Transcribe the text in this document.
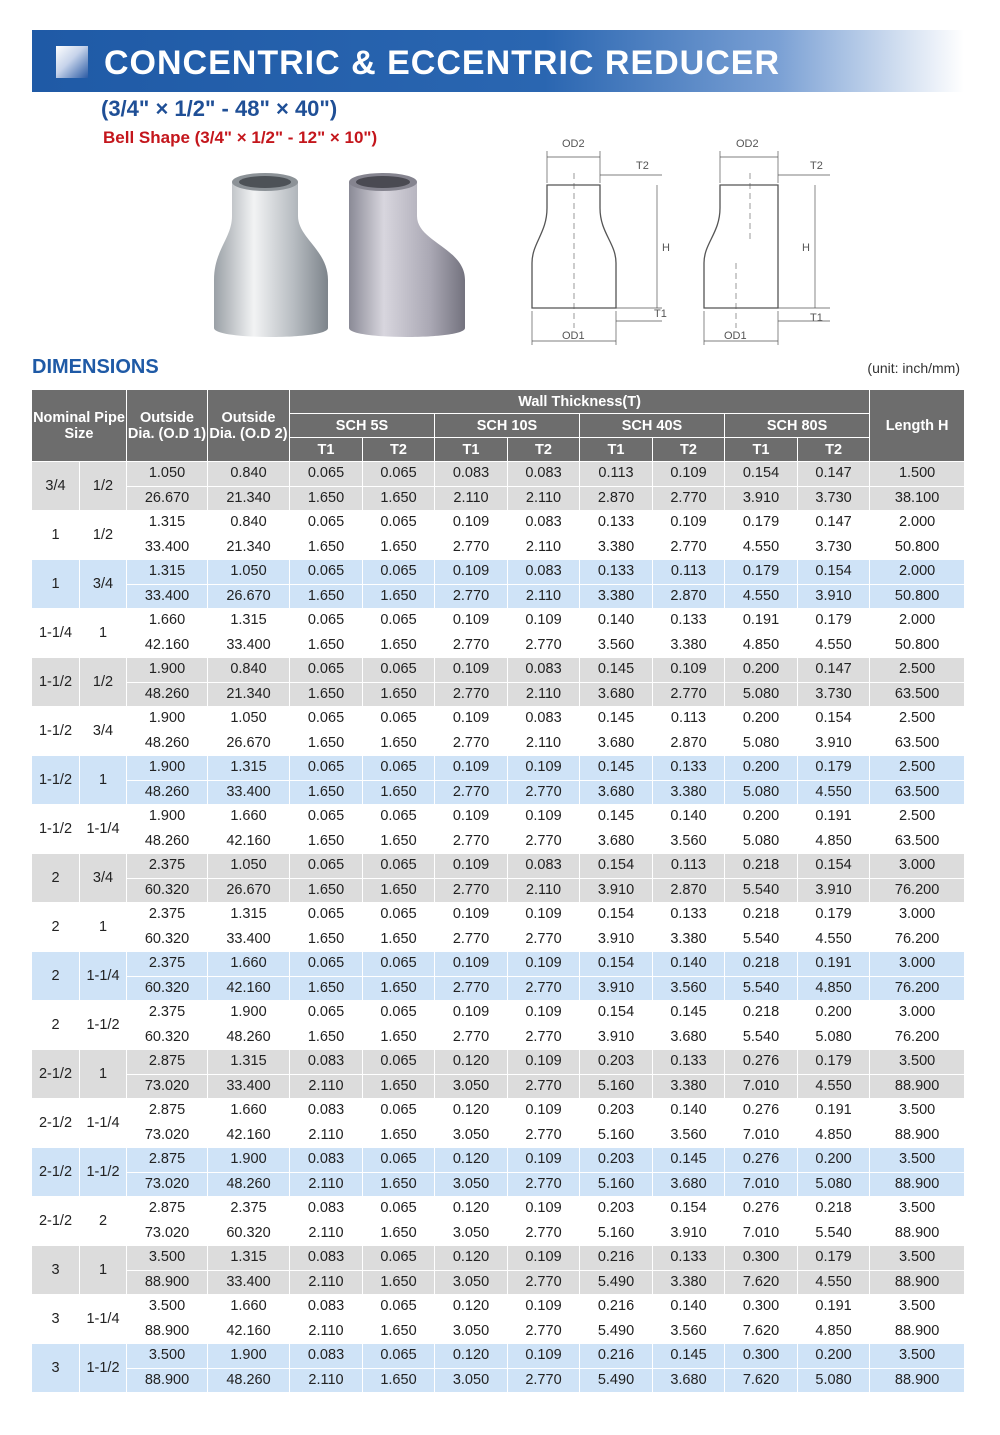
CONCENTRIC & ECCENTRIC REDUCER
(3/4" × 1/2" - 48" × 40")
Bell Shape (3/4" × 1/2" - 12" × 10")	OD2
T2
H
T1
OD1
OD2
T2
H
T1
OD1
DIMENSIONS	(unit: inch/mm)
Nominal Pipe Size		Outside Dia. (O.D 1)	Outside Dia. (O.D 2)	Wall Thickness(T)								Length H
				SCH 5S		SCH 10S		SCH 40S		SCH 80S		
				T1	T2	T1	T2	T1	T2	T1	T2	
3/4	1/2	1.050	0.840	0.065	0.065	0.083	0.083	0.113	0.109	0.154	0.147	1.500
		26.670	21.340	1.650	1.650	2.110	2.110	2.870	2.770	3.910	3.730	38.100
1	1/2	1.315	0.840	0.065	0.065	0.109	0.083	0.133	0.109	0.179	0.147	2.000
		33.400	21.340	1.650	1.650	2.770	2.110	3.380	2.770	4.550	3.730	50.800
1	3/4	1.315	1.050	0.065	0.065	0.109	0.083	0.133	0.113	0.179	0.154	2.000
		33.400	26.670	1.650	1.650	2.770	2.110	3.380	2.870	4.550	3.910	50.800
1-1/4	1	1.660	1.315	0.065	0.065	0.109	0.109	0.140	0.133	0.191	0.179	2.000
		42.160	33.400	1.650	1.650	2.770	2.770	3.560	3.380	4.850	4.550	50.800
1-1/2	1/2	1.900	0.840	0.065	0.065	0.109	0.083	0.145	0.109	0.200	0.147	2.500
		48.260	21.340	1.650	1.650	2.770	2.110	3.680	2.770	5.080	3.730	63.500
1-1/2	3/4	1.900	1.050	0.065	0.065	0.109	0.083	0.145	0.113	0.200	0.154	2.500
		48.260	26.670	1.650	1.650	2.770	2.110	3.680	2.870	5.080	3.910	63.500
1-1/2	1	1.900	1.315	0.065	0.065	0.109	0.109	0.145	0.133	0.200	0.179	2.500
		48.260	33.400	1.650	1.650	2.770	2.770	3.680	3.380	5.080	4.550	63.500
1-1/2	1-1/4	1.900	1.660	0.065	0.065	0.109	0.109	0.145	0.140	0.200	0.191	2.500
		48.260	42.160	1.650	1.650	2.770	2.770	3.680	3.560	5.080	4.850	63.500
2	3/4	2.375	1.050	0.065	0.065	0.109	0.083	0.154	0.113	0.218	0.154	3.000
		60.320	26.670	1.650	1.650	2.770	2.110	3.910	2.870	5.540	3.910	76.200
2	1	2.375	1.315	0.065	0.065	0.109	0.109	0.154	0.133	0.218	0.179	3.000
		60.320	33.400	1.650	1.650	2.770	2.770	3.910	3.380	5.540	4.550	76.200
2	1-1/4	2.375	1.660	0.065	0.065	0.109	0.109	0.154	0.140	0.218	0.191	3.000
		60.320	42.160	1.650	1.650	2.770	2.770	3.910	3.560	5.540	4.850	76.200
2	1-1/2	2.375	1.900	0.065	0.065	0.109	0.109	0.154	0.145	0.218	0.200	3.000
		60.320	48.260	1.650	1.650	2.770	2.770	3.910	3.680	5.540	5.080	76.200
2-1/2	1	2.875	1.315	0.083	0.065	0.120	0.109	0.203	0.133	0.276	0.179	3.500
		73.020	33.400	2.110	1.650	3.050	2.770	5.160	3.380	7.010	4.550	88.900
2-1/2	1-1/4	2.875	1.660	0.083	0.065	0.120	0.109	0.203	0.140	0.276	0.191	3.500
		73.020	42.160	2.110	1.650	3.050	2.770	5.160	3.560	7.010	4.850	88.900
2-1/2	1-1/2	2.875	1.900	0.083	0.065	0.120	0.109	0.203	0.145	0.276	0.200	3.500
		73.020	48.260	2.110	1.650	3.050	2.770	5.160	3.680	7.010	5.080	88.900
2-1/2	2	2.875	2.375	0.083	0.065	0.120	0.109	0.203	0.154	0.276	0.218	3.500
		73.020	60.320	2.110	1.650	3.050	2.770	5.160	3.910	7.010	5.540	88.900
3	1	3.500	1.315	0.083	0.065	0.120	0.109	0.216	0.133	0.300	0.179	3.500
		88.900	33.400	2.110	1.650	3.050	2.770	5.490	3.380	7.620	4.550	88.900
3	1-1/4	3.500	1.660	0.083	0.065	0.120	0.109	0.216	0.140	0.300	0.191	3.500
		88.900	42.160	2.110	1.650	3.050	2.770	5.490	3.560	7.620	4.850	88.900
3	1-1/2	3.500	1.900	0.083	0.065	0.120	0.109	0.216	0.145	0.300	0.200	3.500
		88.900	48.260	2.110	1.650	3.050	2.770	5.490	3.680	7.620	5.080	88.900
